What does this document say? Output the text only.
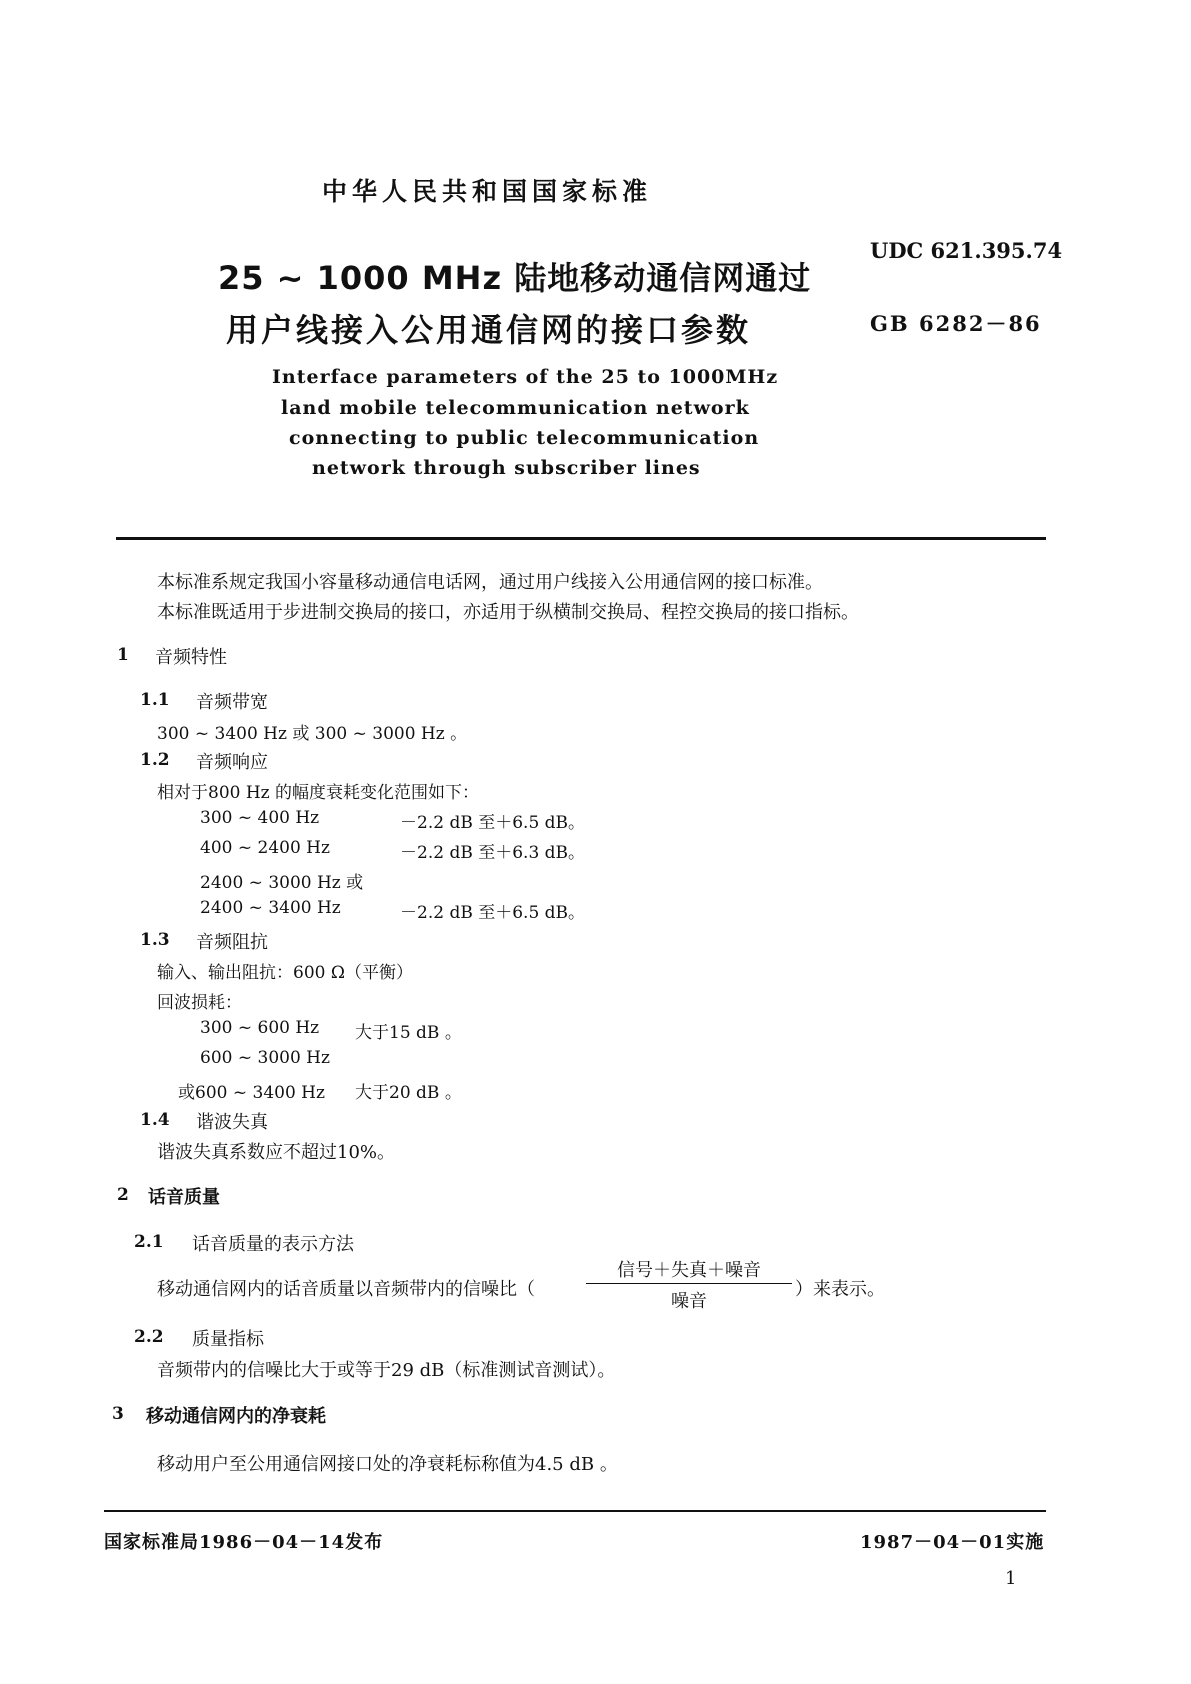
中华人民共和国国家标准
25 ~ 1000 MHz 陆地移动通信网通过
用户线接入公用通信网的接口参数
UDC 621.395.74
GB 6282－86
Interface parameters of the 25 to 1000MHz
land mobile telecommunication network
connecting to public telecommunication
network through subscriber lines
本标准系规定我国小容量移动通信电话网，通过用户线接入公用通信网的接口标准。
本标准既适用于步进制交换局的接口，亦适用于纵横制交换局、程控交换局的接口指标。
1 音频特性
1.1 音频带宽
300 ~ 3400 Hz 或 300 ~ 3000 Hz 。
1.2 音频响应
相对于800 Hz 的幅度衰耗变化范围如下：
300 ~ 400 Hz	－2.2 dB 至＋6.5 dB。
400 ~ 2400 Hz	－2.2 dB 至＋6.3 dB。
2400 ~ 3000 Hz 或
2400 ~ 3400 Hz	－2.2 dB 至＋6.5 dB。
1.3 音频阻抗
输入、输出阻抗：600 Ω（平衡）
回波损耗：
300 ~ 600 Hz 大于15 dB 。
600 ~ 3000 Hz
或600 ~ 3400 Hz 大于20 dB 。
1.4 谐波失真
谐波失真系数应不超过10%。
2 话音质量
2.1 话音质量的表示方法
移动通信网内的话音质量以音频带内的信噪比（
信号＋失真＋噪音
噪音
）来表示。
2.2 质量指标
音频带内的信噪比大于或等于29 dB（标准测试音测试）。
3 移动通信网内的净衰耗
移动用户至公用通信网接口处的净衰耗标称值为4.5 dB 。
国家标准局1986－04－14发布	1987－04－01实施
1
